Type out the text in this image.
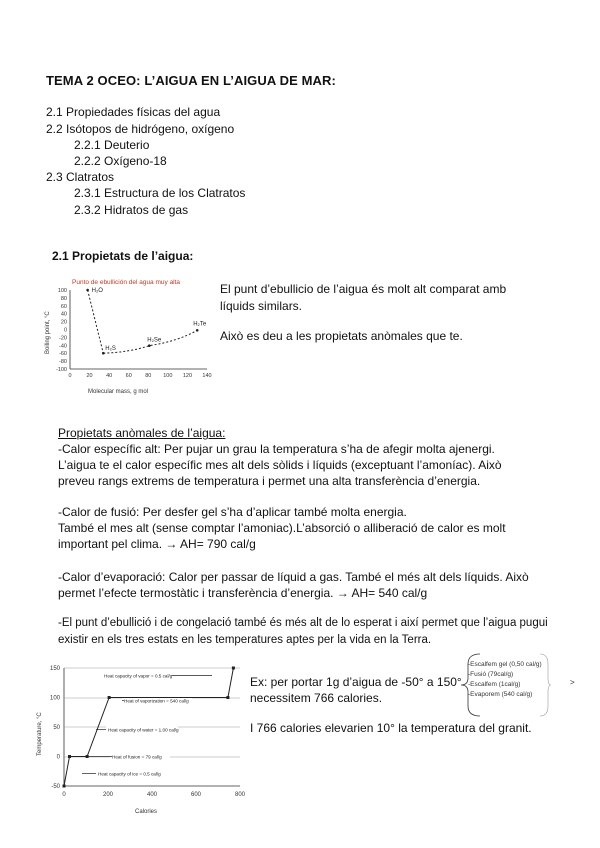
TEMA 2 OCEO: L’AIGUA EN L’AIGUA DE MAR:
2.1 Propiedades físicas del agua
2.2 Isótopos de hidrógeno, oxígeno
2.2.1 Deuterio
2.2.2 Oxígeno-18
2.3 Clatratos
2.3.1 Estructura de los Clatratos
2.3.2 Hidratos de gas
2.1 Propietats de l’aigua:
Punto de ebullición del agua muy alta
100
80
60
40
20
0
-20
-40
-60
-80
-100
0	20 40 60 80 100 120 140
Molecular mass, g mol
Boiling point, °C
H₂O
H₂S
H₂Se
H₂Te
El punt d’ebullicio de l’aigua és molt alt comparat amb
líquids similars.
Això es deu a les propietats anòmales que te.
Propietats anòmales de l’aigua:
-Calor específic alt: Per pujar un grau la temperatura s’ha de afegir molta ajenergi.
L’aigua te el calor específic mes alt dels sòlids i líquids (exceptuant l’amoníac). Això
preveu rangs extrems de temperatura i permet una alta transferència d’energia.
-Calor de fusió: Per desfer gel s’ha d’aplicar també molta energia.
També el mes alt (sense comptar l’amoniac).L’absorció o alliberació de calor es molt
important pel clima. → AH= 790 cal/g
-Calor d’evaporació: Calor per passar de líquid a gas. També el més alt dels líquids. Això
permet l’efecte termostàtic i transferència d’energia. → AH= 540 cal/g
-El punt d’ebullició i de congelació també és més alt de lo esperat i així permet que l’aigua pugui
existir en els tres estats en les temperatures aptes per la vida en la Terra.
150
100
50
0
-50
0	200	400	600	800
Calories
Temperature, °C
Heat capacity of vapor = 0.5 cal/g
Heat of vaporization = 540 cal/g
Heat capacity of water = 1.00 cal/g
Heat of fusion = 79 cal/g
Heat capacity of ice = 0.5 cal/g
Ex: per portar 1g d’aigua de -50° a 150°
necessitem 766 calories.
I 766 calories elevarien 10° la temperatura del granit.
-Escalfem gel (0,50 cal/g)
-Fusió (79cal/g)
-Escalfem (1cal/g)
-Evaporem (540 cal/g)
>
